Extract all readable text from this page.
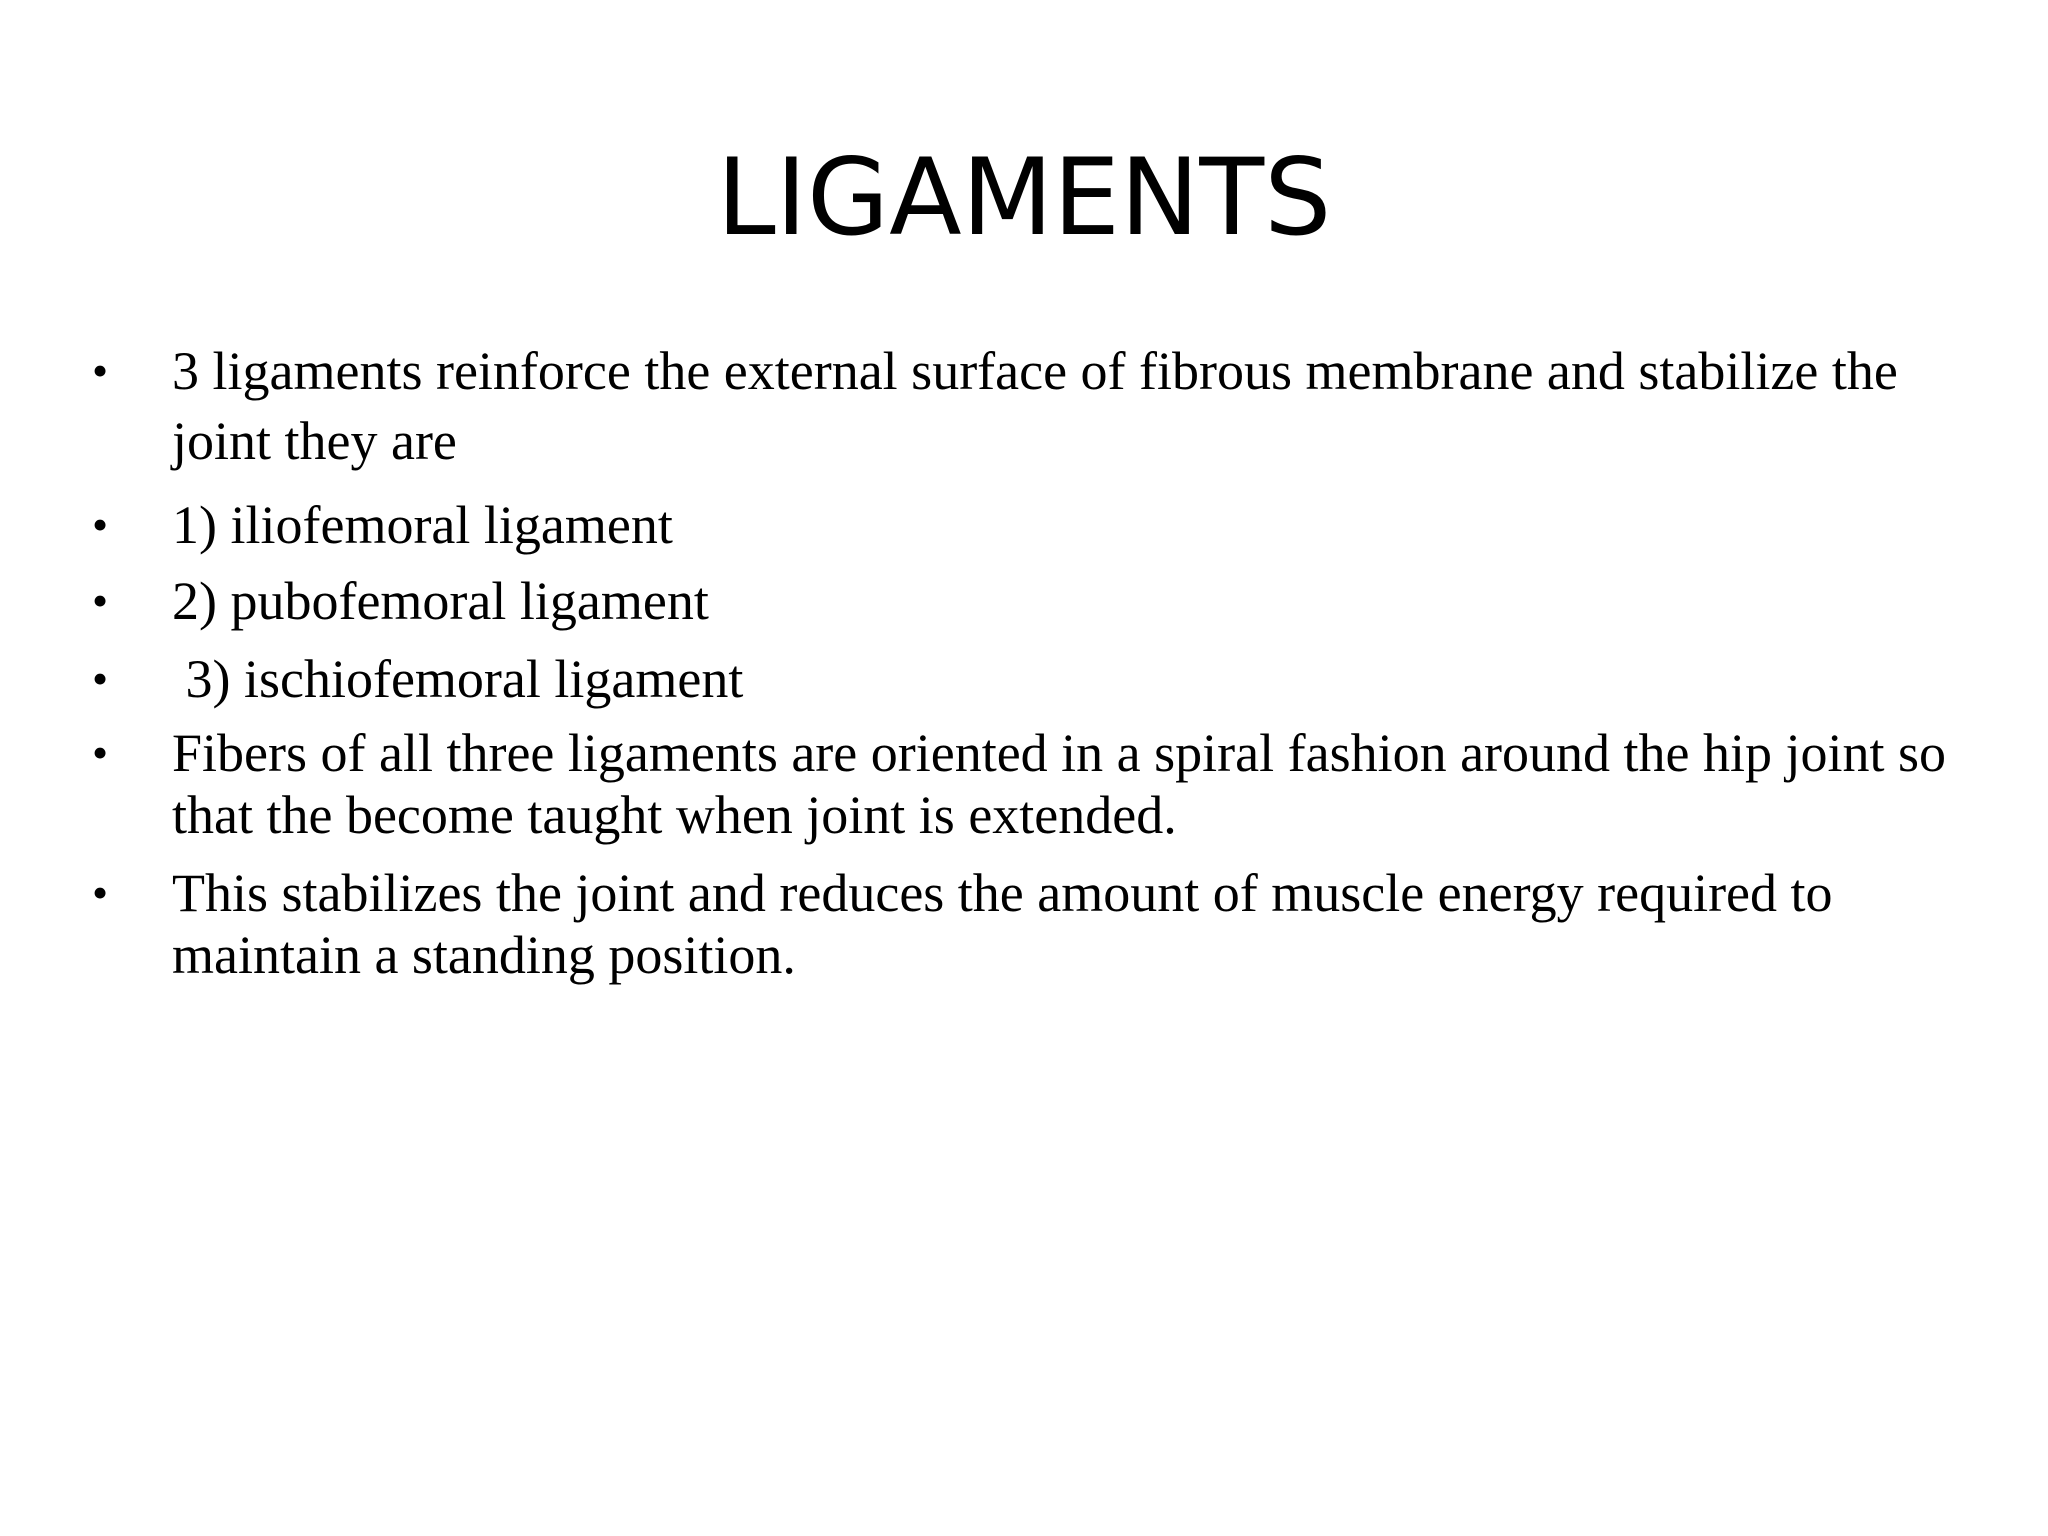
LIGAMENTS
• 3 ligaments reinforce the external surface of fibrous membrane and stabilize the joint they are
• 1) iliofemoral ligament
• 2) pubofemoral ligament
• 3) ischiofemoral ligament
• Fibers of all three ligaments are oriented in a spiral fashion around the hip joint so that the become taught when joint is extended.
• This stabilizes the joint and reduces the amount of muscle energy required to maintain a standing position.
